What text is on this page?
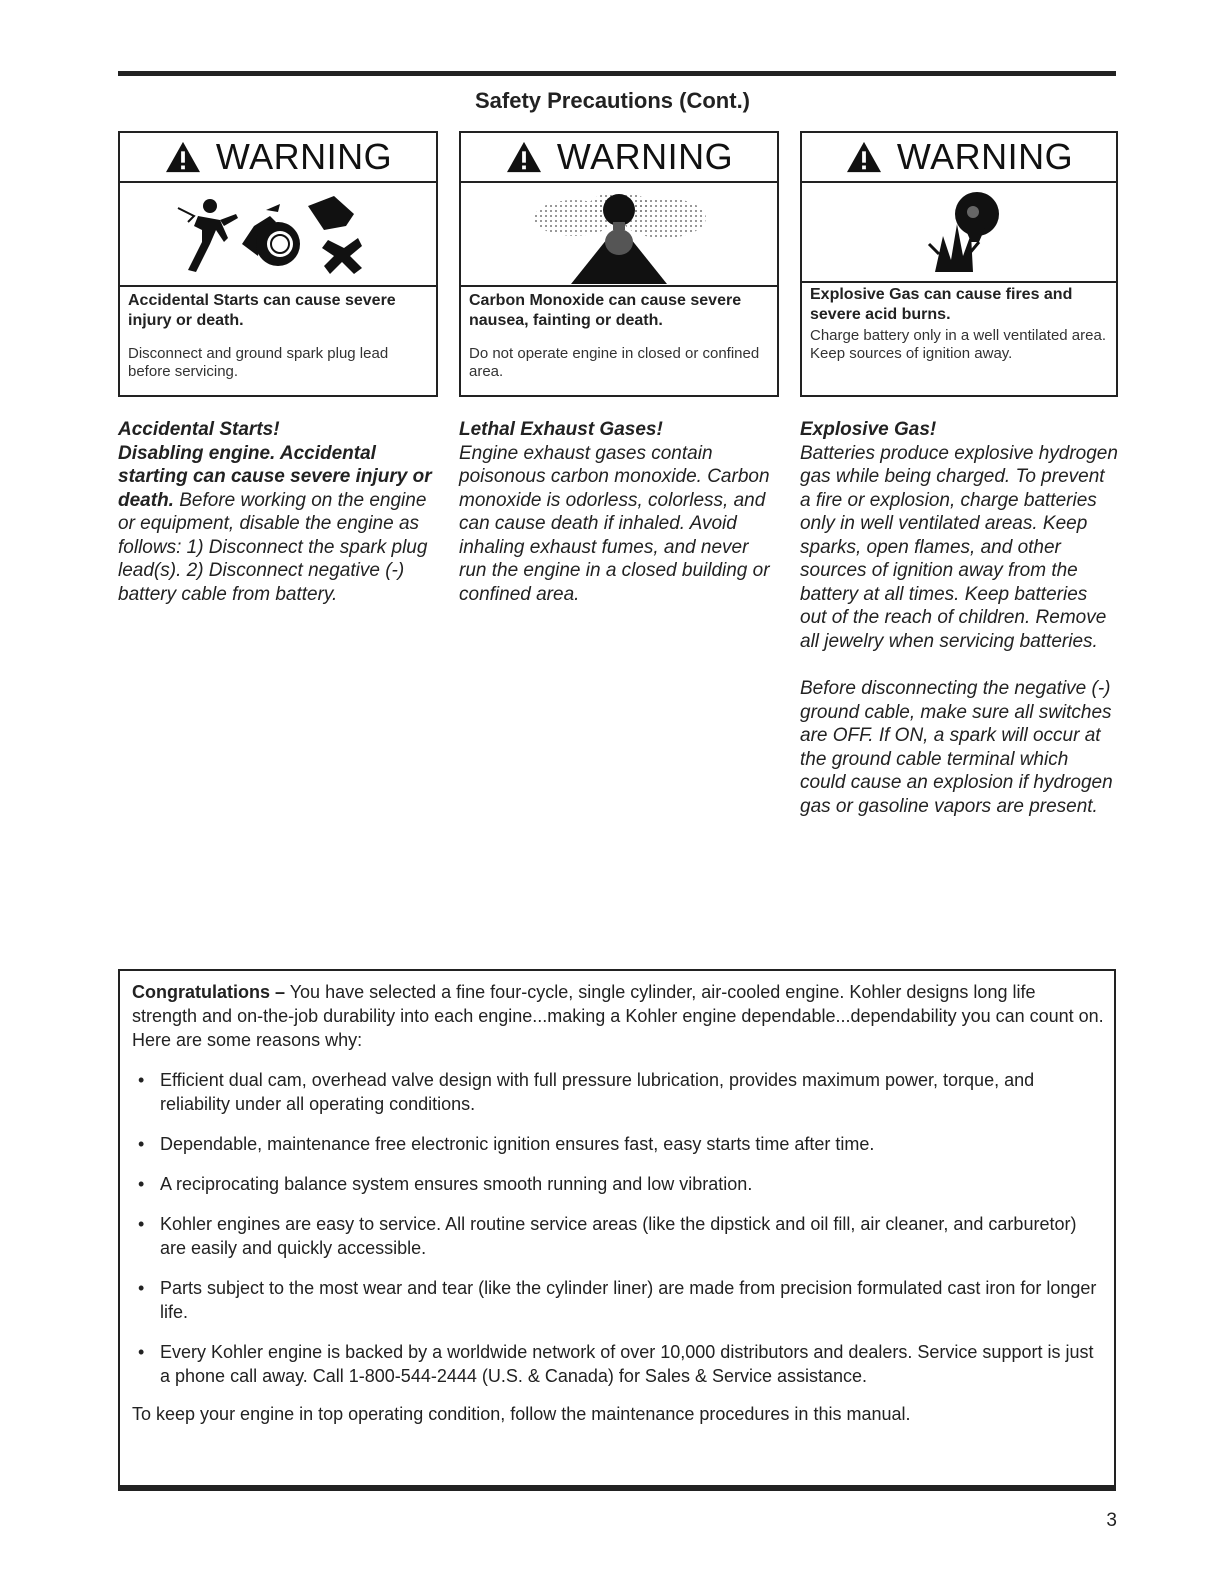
Safety Precautions (Cont.)
WARNING
Accidental Starts can cause severe injury or death.
Disconnect and ground spark plug lead before servicing.
WARNING
Carbon Monoxide can cause severe nausea, fainting or death.
Do not operate engine in closed or confined area.
WARNING
Explosive Gas can cause fires and severe acid burns.
Charge battery only in a well ventilated area. Keep sources of ignition away.

Accidental Starts!

Disabling engine. Accidental starting can cause severe injury or death. Before working on the engine or equipment, disable the engine as follows: 1) Disconnect the spark plug lead(s). 2) Disconnect negative (-) battery cable from battery.

Lethal Exhaust Gases!

Engine exhaust gases contain poisonous carbon monoxide. Carbon monoxide is odorless, colorless, and can cause death if inhaled. Avoid inhaling exhaust fumes, and never run the engine in a closed building or confined area.

Explosive Gas!

Batteries produce explosive hydrogen gas while being charged. To prevent a fire or explosion, charge batteries only in well ventilated areas. Keep sparks, open flames, and other sources of ignition away from the battery at all times. Keep batteries out of the reach of children. Remove all jewelry when servicing batteries.

Before disconnecting the negative (-) ground cable, make sure all switches are OFF. If ON, a spark will occur at the ground cable terminal which could cause an explosion if hydrogen gas or gasoline vapors are present.

Congratulations – You have selected a fine four-cycle, single cylinder, air-cooled engine. Kohler designs long life strength and on-the-job durability into each engine...making a Kohler engine dependable...dependability you can count on. Here are some reasons why:
• Efficient dual cam, overhead valve design with full pressure lubrication, provides maximum power, torque, and reliability under all operating conditions.
• Dependable, maintenance free electronic ignition ensures fast, easy starts time after time.
• A reciprocating balance system ensures smooth running and low vibration.
• Kohler engines are easy to service. All routine service areas (like the dipstick and oil fill, air cleaner, and carburetor) are easily and quickly accessible.
• Parts subject to the most wear and tear (like the cylinder liner) are made from precision formulated cast iron for longer life.
• Every Kohler engine is backed by a worldwide network of over 10,000 distributors and dealers. Service support is just a phone call away. Call 1-800-544-2444 (U.S. & Canada) for Sales & Service assistance.
To keep your engine in top operating condition, follow the maintenance procedures in this manual.
3
